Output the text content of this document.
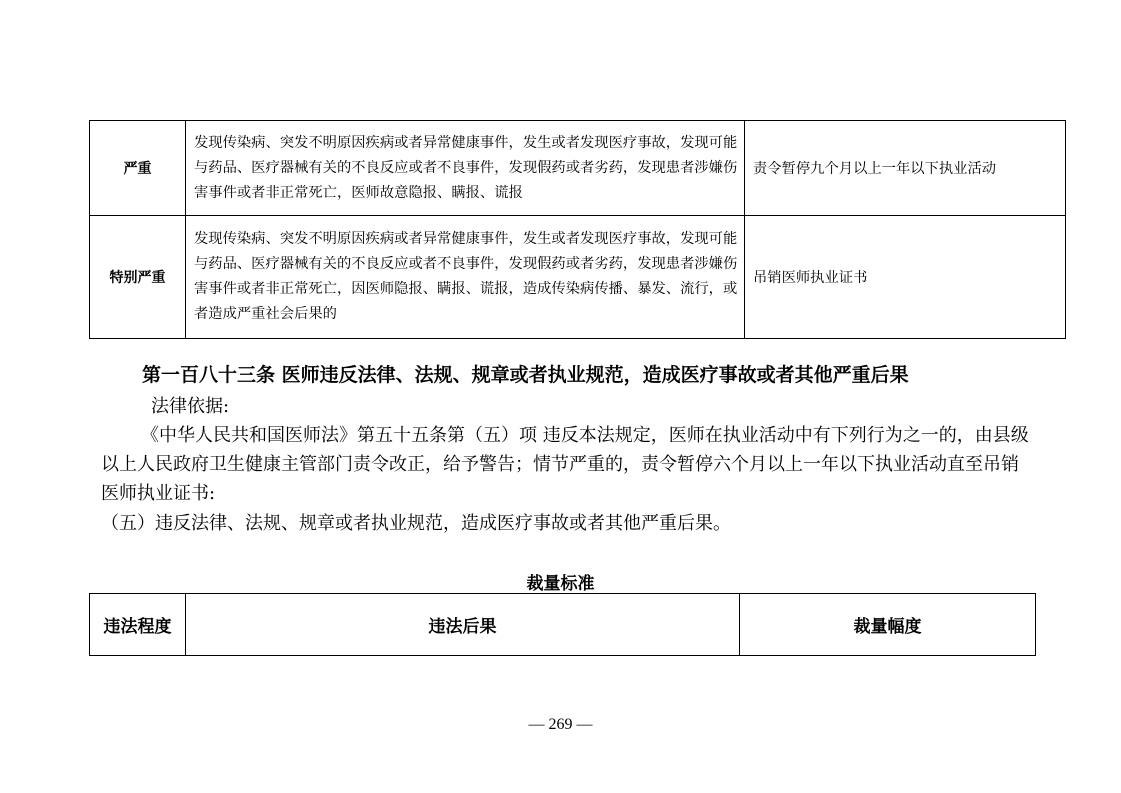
严重	发现传染病、突发不明原因疾病或者异常健康事件，发生或者发现医疗事故，发现可能与药品、医疗器械有关的不良反应或者不良事件，发现假药或者劣药，发现患者涉嫌伤害事件或者非正常死亡，医师故意隐报、瞒报、谎报	责令暂停九个月以上一年以下执业活动
特别严重	发现传染病、突发不明原因疾病或者异常健康事件，发生或者发现医疗事故，发现可能与药品、医疗器械有关的不良反应或者不良事件，发现假药或者劣药，发现患者涉嫌伤害事件或者非正常死亡，因医师隐报、瞒报、谎报，造成传染病传播、暴发、流行，或者造成严重社会后果的	吊销医师执业证书
第一百八十三条 医师违反法律、法规、规章或者执业规范，造成医疗事故或者其他严重后果
法律依据:
《中华人民共和国医师法》第五十五条第（五）项 违反本法规定，医师在执业活动中有下列行为之一的，由县级以上人民政府卫生健康主管部门责令改正，给予警告；情节严重的，责令暂停六个月以上一年以下执业活动直至吊销医师执业证书:
（五）违反法律、法规、规章或者执业规范，造成医疗事故或者其他严重后果。
裁量标准
违法程度	违法后果	裁量幅度
— 269 —
